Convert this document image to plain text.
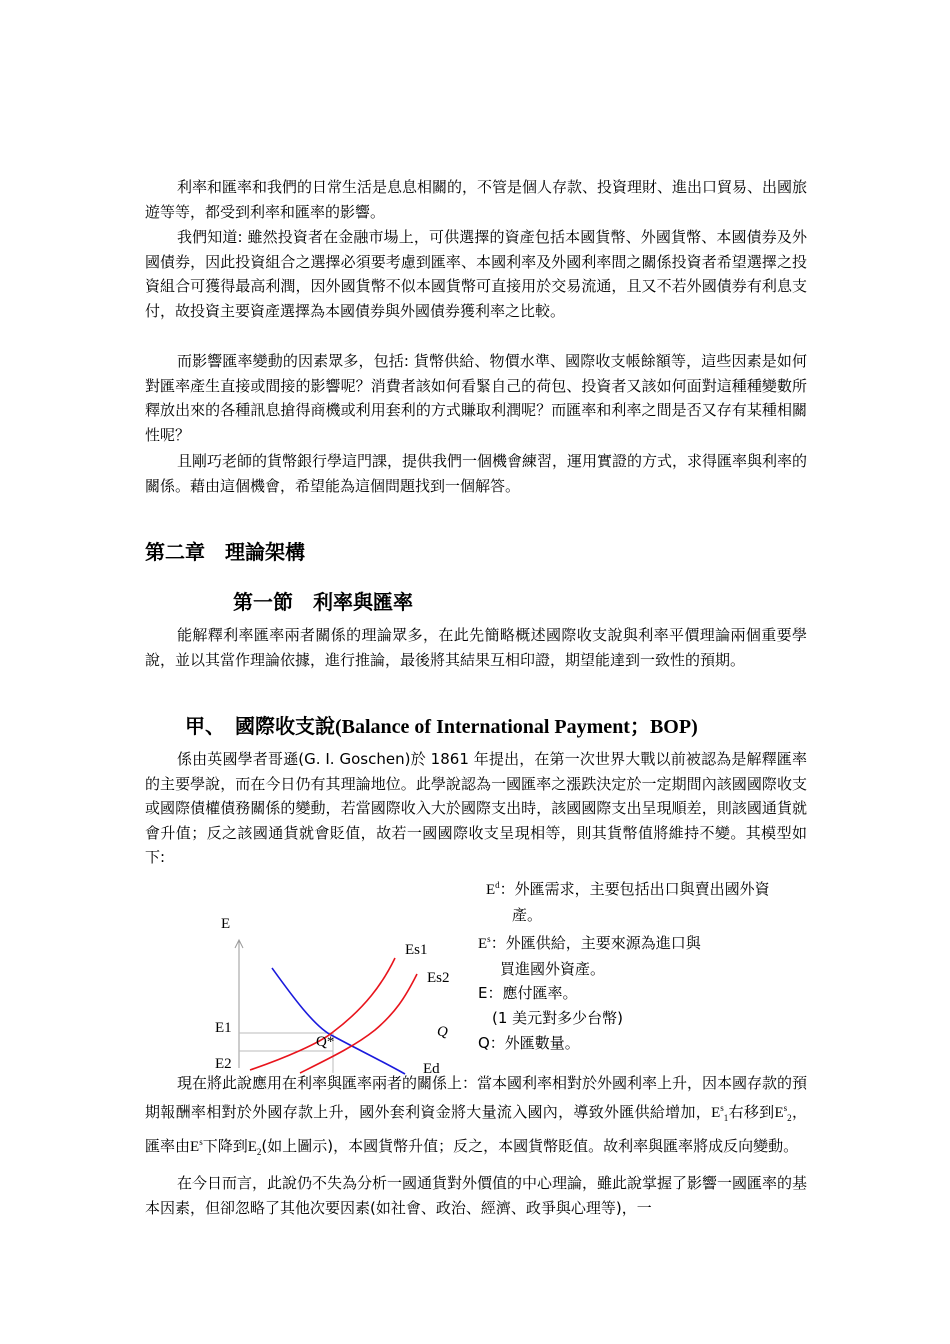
利率和匯率和我們的日常生活是息息相關的，不管是個人存款、投資理財、進出口貿易、出國旅遊等等，都受到利率和匯率的影響。

我們知道: 雖然投資者在金融市場上，可供選擇的資產包括本國貨幣、外國貨幣、本國債券及外國債券，因此投資組合之選擇必須要考慮到匯率、本國利率及外國利率間之關係投資者希望選擇之投資組合可獲得最高利潤，因外國貨幣不似本國貨幣可直接用於交易流通，且又不若外國債券有利息支付，故投資主要資產選擇為本國債券與外國債券獲利率之比較。

而影響匯率變動的因素眾多，包括: 貨幣供給、物價水準、國際收支帳餘額等，這些因素是如何對匯率產生直接或間接的影響呢？消費者該如何看緊自己的荷包、投資者又該如何面對這種種變數所釋放出來的各種訊息搶得商機或利用套利的方式賺取利潤呢？而匯率和利率之間是否又存有某種相關性呢？

且剛巧老師的貨幣銀行學這門課，提供我們一個機會練習，運用實證的方式，求得匯率與利率的關係。藉由這個機會，希望能為這個問題找到一個解答。

第二章　理論架構
第一節　利率與匯率

能解釋利率匯率兩者關係的理論眾多，在此先簡略概述國際收支說與利率平價理論兩個重要學說，並以其當作理論依據，進行推論，最後將其結果互相印證，期望能達到一致性的預期。

甲、　國際收支說(Balance of International Payment；BOP)

係由英國學者哥遜(G. I. Goschen)於 1861 年提出，在第一次世界大戰以前被認為是解釋匯率的主要學說，而在今日仍有其理論地位。此學說認為一國匯率之漲跌決定於一定期間內該國國際收支或國際債權債務關係的變動，若當國際收入大於國際支出時，該國國際支出呈現順差，則該國通貨就會升值；反之該國通貨就會貶值，故若一國國際收支呈現相等，則其貨幣值將維持不變。其模型如下:

$E^d$：外匯需求，主要包括出口與賣出國外資
產。
$E^s$：外匯供給，主要來源為進口與
買進國外資產。
E：應付匯率。
(1 美元對多少台幣)
Q：外匯數量。
E
E1
E2
Es1
Es2
Ed
Q*
Q

現在將此說應用在利率與匯率兩者的關係上：當本國利率相對於外國利率上升，因本國存款的預期報酬率相對於外國存款上升，國外套利資金將大量流入國內，導致外匯供給增加，$E^s_1$右移到$E^s_2$，匯率由$E^s$下降到$E_2$(如上圖示)，本國貨幣升值；反之，本國貨幣貶值。故利率與匯率將成反向變動。

在今日而言，此說仍不失為分析一國通貨對外價值的中心理論，雖此說掌握了影響一國匯率的基本因素，但卻忽略了其他次要因素(如社會、政治、經濟、政爭與心理等)，一
